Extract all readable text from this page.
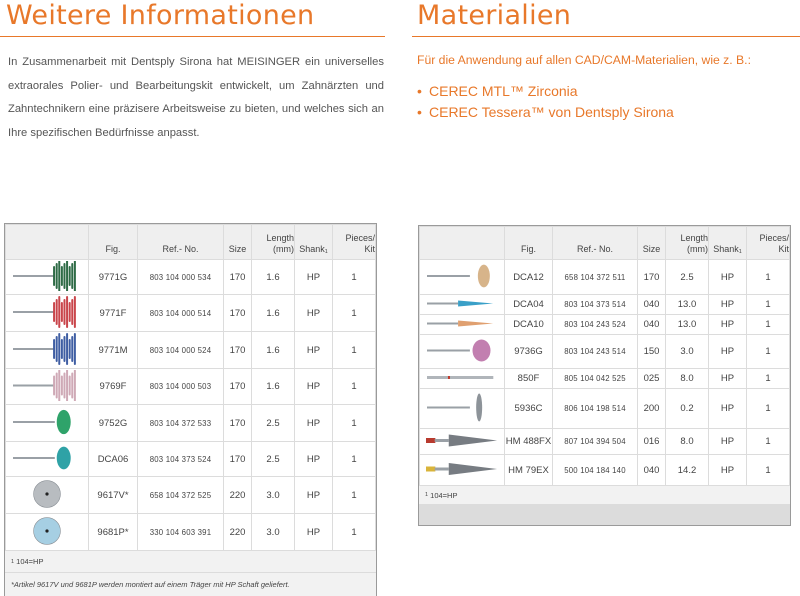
Weitere Informationen	Materialien
In Zusammenarbeit mit Dentsply Sirona hat MEISINGER ein universelles extraorales Polier- und Bearbeitungskit entwickelt, um Zahnärzten und Zahntechnikern eine präzisere Arbeitsweise zu bieten, und welches sich an Ihre spezifischen Bedürfnisse anpasst.
Für die Anwendung auf allen CAD/CAM-Materialien, wie z. B.:
• CEREC MTL™ Zirconia
• CEREC Tessera™ von Dentsply Sirona
Fig.	Ref.- No.	Size
Length
(mm) Shank$_1$
Pieces/
Kit
9771G	803 104 000 534	170	1.6	HP	1
9771F	803 104 000 514	170	1.6	HP	1
9771M	803 104 000 524	170	1.6	HP	1
9769F	803 104 000 503	170	1.6	HP	1
9752G	803 104 372 533	170	2.5	HP	1
DCA06	803 104 373 524	170	2.5	HP	1
9617V*	658 104 372 525	220	3.0	HP	1
9681P*	330 104 603 391	220	3.0	HP	1
1
104=HP
*Artikel 9617V und 9681P werden montiert auf einem Träger mit HP Schaft geliefert.
Fig.	Ref.- No.	Size
Length
(mm) Shank$_1$
Pieces/
Kit
DCA12	658 104 372 511	170	2.5	HP	1
DCA04	803 104 373 514	040	13.0	HP	1
DCA10	803 104 243 524	040	13.0	HP	1
9736G	803 104 243 514	150	3.0	HP	1
850F	805 104 042 525	025	8.0	HP	1
5936C	806 104 198 514	200	0.2	HP	1
HM 488FX	807 104 394 504	016	8.0	HP	1
HM 79EX	500 104 184 140	040	14.2	HP	1
1
104=HP
